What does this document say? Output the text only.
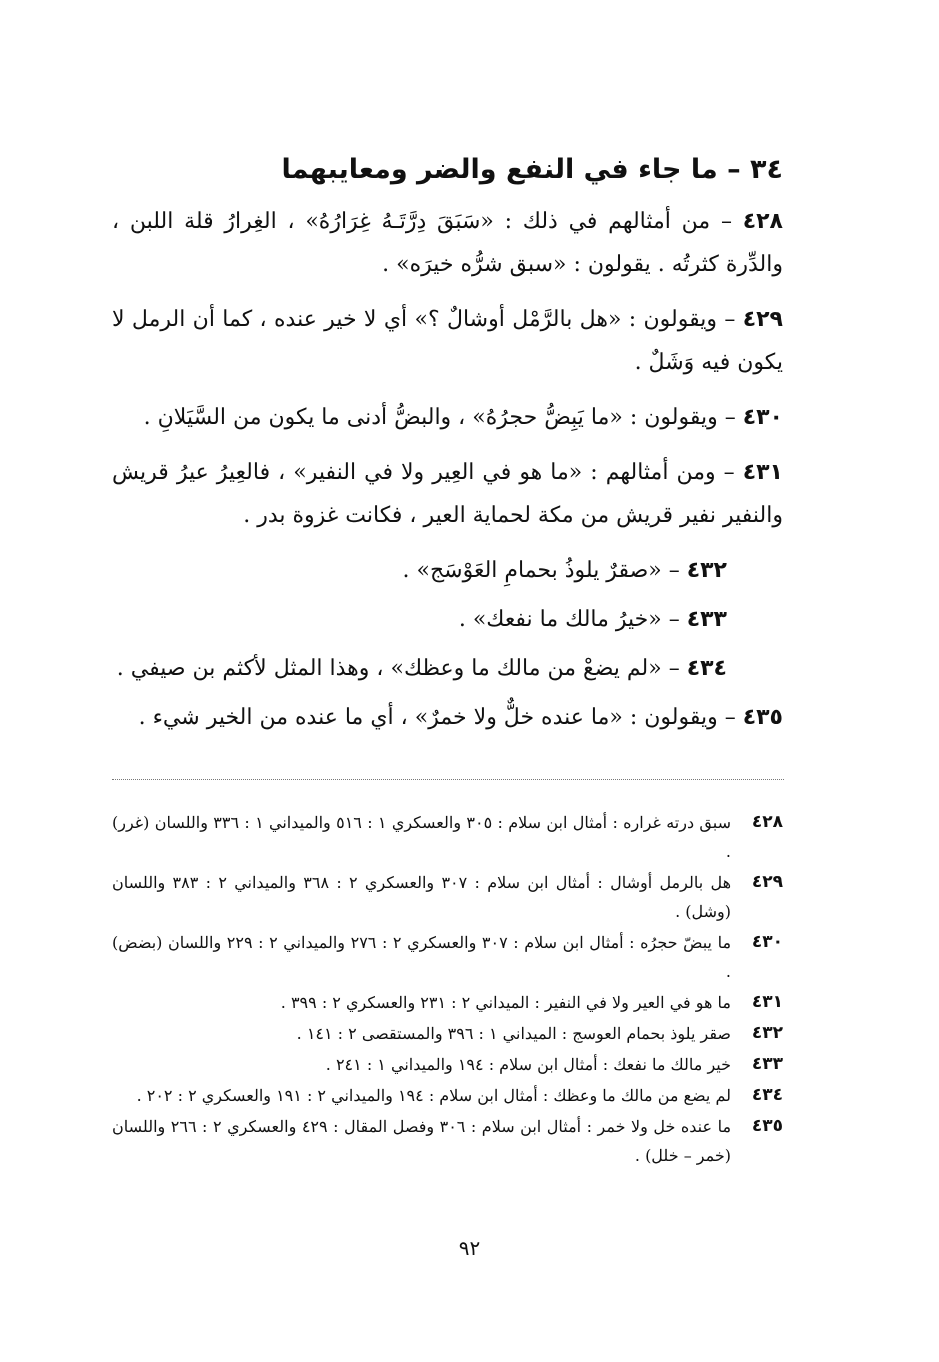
٣٤ – ما جاء في النفع والضر ومعايبهما

٤٢٨ – من أمثالهم في ذلك : «سَبَقَ دِرَّتَـهُ غِرَارُهُ» ، الغِرارُ قلة اللبن ، والدِّرة كثرتُه . يقولون : «سبق شرُّه خيرَه» .

٤٢٩ – ويقولون : «هل بالرَّمْل أوشالٌ ؟» أي لا خير عنده ، كما أن الرمل لا يكون فيه وَشَلٌ .

٤٣٠ – ويقولون : «ما يَبِضُّ حجرُهُ» ، والبضُّ أدنى ما يكون من السَّيَلانِ .

٤٣١ – ومن أمثالهم : «ما هو في العِير ولا في النفير» ، فالعِيرُ عيرُ قريش والنفير نفير قريش من مكة لحماية العير ، فكانت غزوة بدر .

٤٣٢ – «صقرٌ يلوذُ بحمامِ العَوْسَج» .

٤٣٣ – «خيرُ مالك ما نفعك» .

٤٣٤ – «لم يضعْ من مالك ما وعظك» ، وهذا المثل لأكثم بن صيفي .

٤٣٥ – ويقولون : «ما عنده خلٌّ ولا خمرٌ» ، أي ما عنده من الخير شيء .

٤٢٨
سبق درته غراره : أمثال ابن سلام : ٣٠٥ والعسكري ١ : ٥١٦ والميداني ١ : ٣٣٦ واللسان (غرر) .
٤٢٩
هل بالرمل أوشال : أمثال ابن سلام : ٣٠٧ والعسكري ٢ : ٣٦٨ والميداني ٢ : ٣٨٣ واللسان (وشل) .
٤٣٠
ما يبضّ حجرُه : أمثال ابن سلام : ٣٠٧ والعسكري ٢ : ٢٧٦ والميداني ٢ : ٢٢٩ واللسان (بضض) .
٤٣١
ما هو في العير ولا في النفير : الميداني ٢ : ٢٣١ والعسكري ٢ : ٣٩٩ .
٤٣٢
صقر يلوذ بحمام العوسج : الميداني ١ : ٣٩٦ والمستقصى ٢ : ١٤١ .
٤٣٣
خير مالك ما نفعك : أمثال ابن سلام : ١٩٤ والميداني ١ : ٢٤١ .
٤٣٤
لم يضع من مالك ما وعظك : أمثال ابن سلام : ١٩٤ والميداني ٢ : ١٩١ والعسكري ٢ : ٢٠٢ .
٤٣٥
ما عنده خل ولا خمر : أمثال ابن سلام : ٣٠٦ وفصل المقال : ٤٢٩ والعسكري ٢ : ٢٦٦ واللسان (خمر – خلل) .
٩٢
